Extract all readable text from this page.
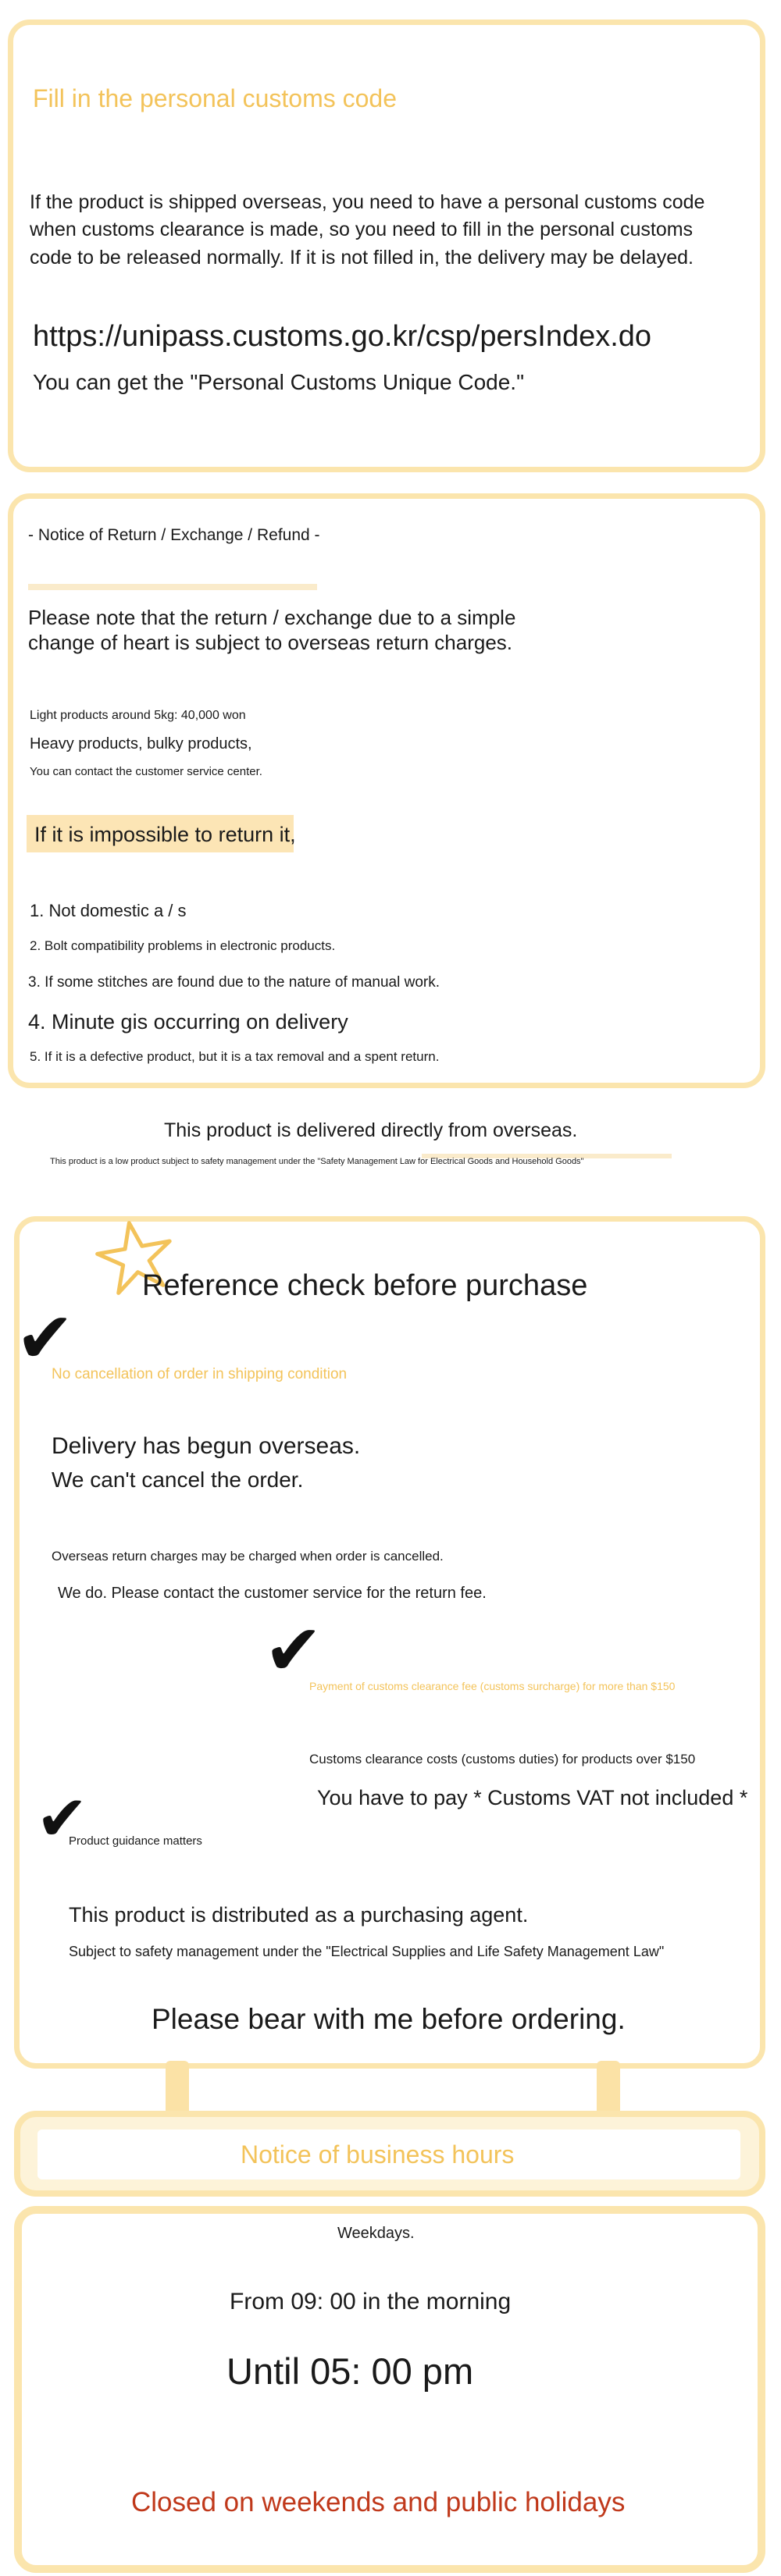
Fill in the personal customs code

If the product is shipped overseas, you need to have a personal customs code

when customs clearance is made, so you need to fill in the personal customs

code to be released normally. If it is not filled in, the delivery may be delayed.

https://unipass.customs.go.kr/csp/persIndex.do

You can get the "Personal Customs Unique Code."

- Notice of Return / Exchange / Refund -

Please note that the return / exchange due to a simple

change of heart is subject to overseas return charges.

Light products around 5kg: 40,000 won

Heavy products, bulky products,

You can contact the customer service center.

If it is impossible to return it,

1. Not domestic a / s

2. Bolt compatibility problems in electronic products.

3. If some stitches are found due to the nature of manual work.

4. Minute gis occurring on delivery

5. If it is a defective product, but it is a tax removal and a spent return.

This product is delivered directly from overseas.

This product is a low product subject to safety management under the "Safety Management Law for Electrical Goods and Household Goods"

Reference check before purchase

✔

No cancellation of order in shipping condition

Delivery has begun overseas.

We can't cancel the order.

Overseas return charges may be charged when order is cancelled.

We do. Please contact the customer service for the return fee.

✔

Payment of customs clearance fee (customs surcharge) for more than $150

Customs clearance costs (customs duties) for products over $150

You have to pay * Customs VAT not included *

✔

Product guidance matters

This product is distributed as a purchasing agent.

Subject to safety management under the "Electrical Supplies and Life Safety Management Law"

Please bear with me before ordering.

Notice of business hours

Weekdays.

From 09: 00 in the morning

Until 05: 00 pm

Closed on weekends and public holidays
